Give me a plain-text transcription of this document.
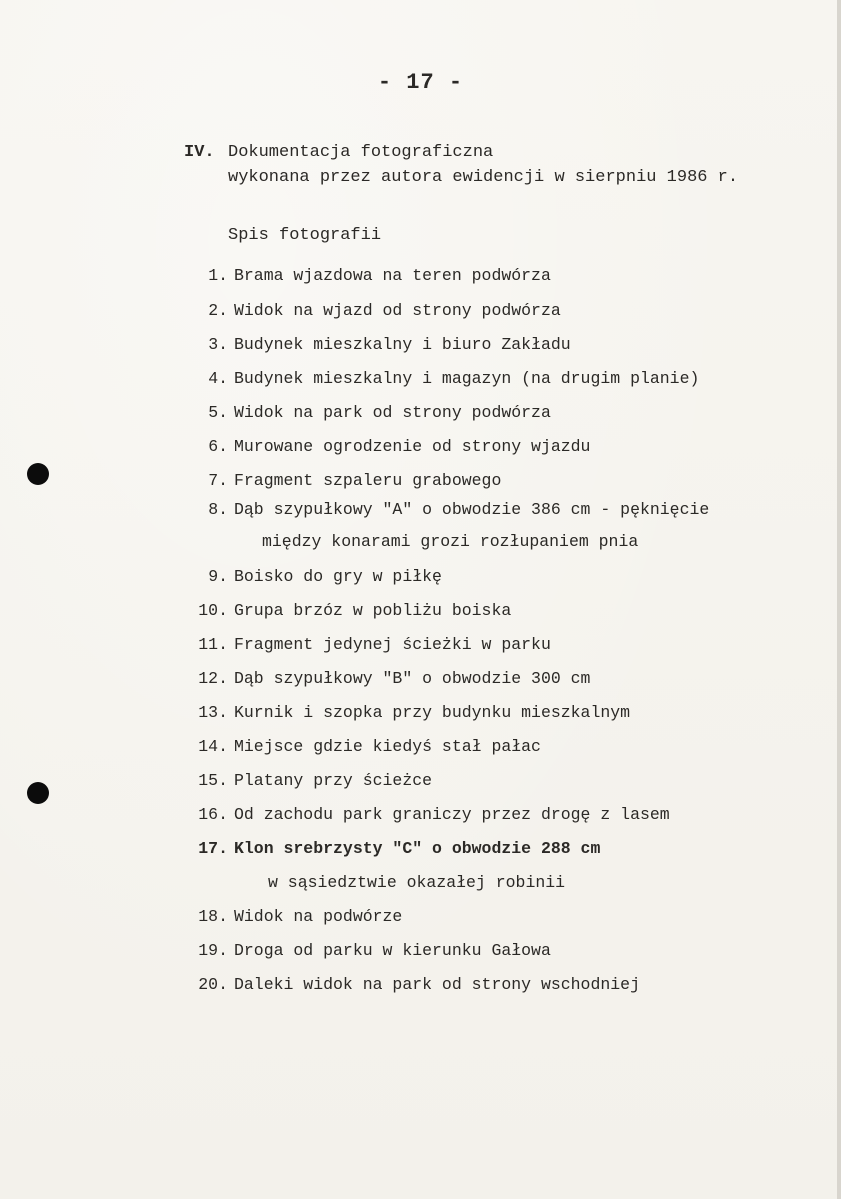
- 17 -
IV. Dokumentacja fotograficzna
wykonana przez autora ewidencji w sierpniu 1986 r.
Spis fotografii
1. Brama wjazdowa na teren podwórza
2. Widok na wjazd od strony podwórza
3. Budynek mieszkalny i biuro Zakładu
4. Budynek mieszkalny i magazyn (na drugim planie)
5. Widok na park od strony podwórza
6. Murowane ogrodzenie od strony wjazdu
7. Fragment szpaleru grabowego
8. Dąb szypułkowy "A" o obwodzie 386 cm - pęknięcie
między konarami grozi rozłupaniem pnia
9. Boisko do gry w piłkę
10. Grupa brzóz w pobliżu boiska
11. Fragment jedynej ścieżki w parku
12. Dąb szypułkowy "B" o obwodzie 300 cm
13. Kurnik i szopka przy budynku mieszkalnym
14. Miejsce gdzie kiedyś stał pałac
15. Platany przy ścieżce
16. Od zachodu park graniczy przez drogę z lasem
17. Klon srebrzysty "C" o obwodzie 288 cm
w sąsiedztwie okazałej robinii
18. Widok na podwórze
19. Droga od parku w kierunku Gałowa
20. Daleki widok na park od strony wschodniej
